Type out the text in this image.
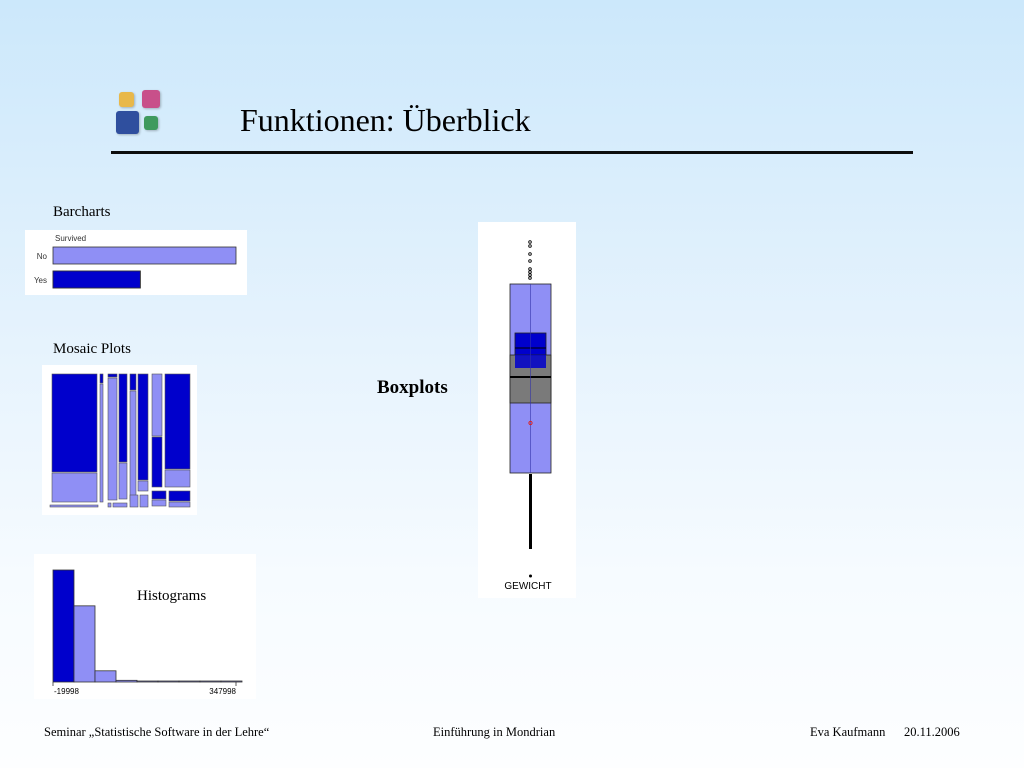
Funktionen: Überblick
Barcharts
Survived
No
Yes
Mosaic Plots
Boxplots
GEWICHT
-19998	347998
Histograms
Seminar „Statistische Software in der Lehre“	Einführung in Mondrian	Eva Kaufmann 20.11.2006
